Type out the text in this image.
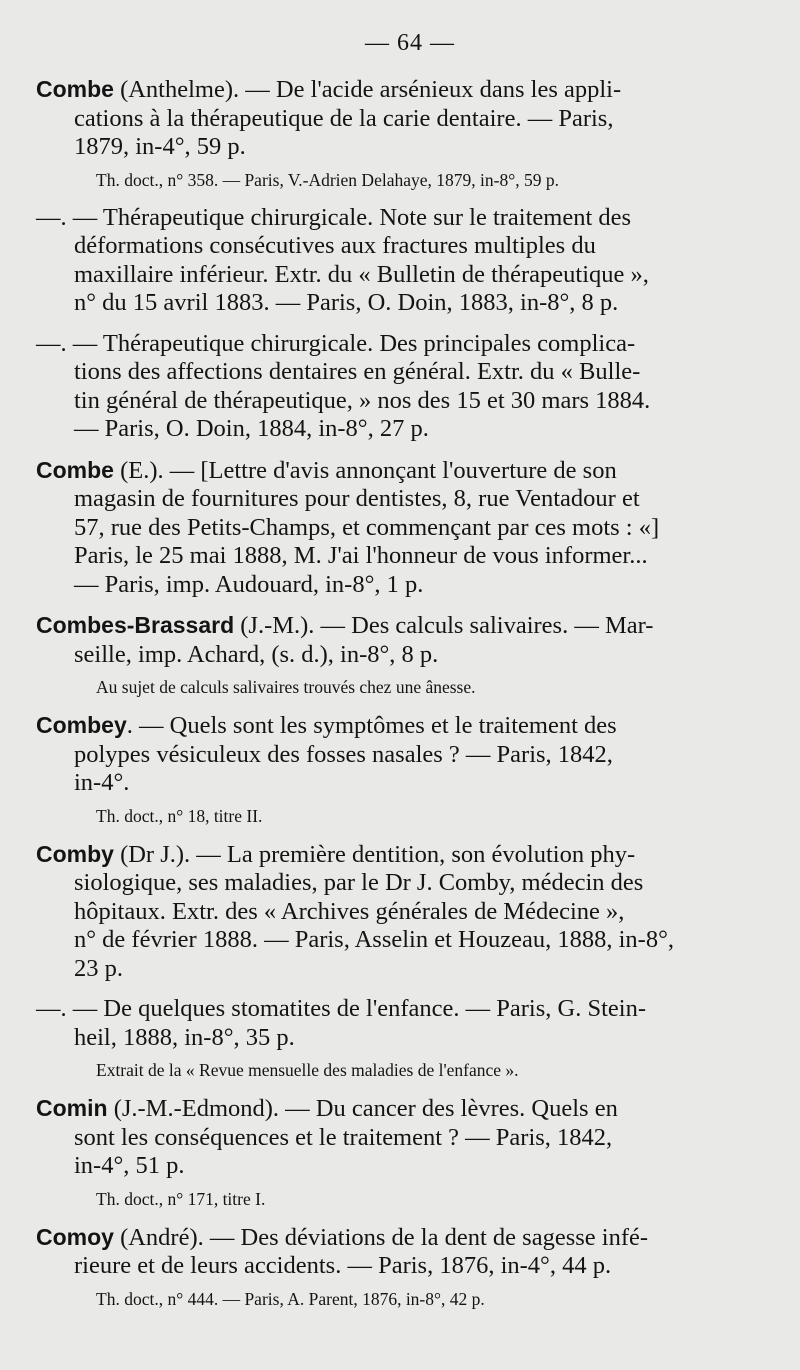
— 64 —
Combe (Anthelme). — De l'acide arsénieux dans les appli-
cations à la thérapeutique de la carie dentaire. — Paris,
1879, in-4°, 59 p.
Th. doct., n° 358. — Paris, V.-Adrien Delahaye, 1879, in-8°, 59 p.
—. — Thérapeutique chirurgicale. Note sur le traitement des
déformations consécutives aux fractures multiples du
maxillaire inférieur. Extr. du « Bulletin de thérapeutique »,
n° du 15 avril 1883. — Paris, O. Doin, 1883, in-8°, 8 p.
—. — Thérapeutique chirurgicale. Des principales complica-
tions des affections dentaires en général. Extr. du « Bulle-
tin général de thérapeutique, » nos des 15 et 30 mars 1884.
— Paris, O. Doin, 1884, in-8°, 27 p.
Combe (E.). — [Lettre d'avis annonçant l'ouverture de son
magasin de fournitures pour dentistes, 8, rue Ventadour et
57, rue des Petits-Champs, et commençant par ces mots : «]
Paris, le 25 mai 1888, M. J'ai l'honneur de vous informer...
— Paris, imp. Audouard, in-8°, 1 p.
Combes-Brassard (J.-M.). — Des calculs salivaires. — Mar-
seille, imp. Achard, (s. d.), in-8°, 8 p.
Au sujet de calculs salivaires trouvés chez une ânesse.
Combey. — Quels sont les symptômes et le traitement des
polypes vésiculeux des fosses nasales ? — Paris, 1842,
in-4°.
Th. doct., n° 18, titre II.
Comby (Dr J.). — La première dentition, son évolution phy-
siologique, ses maladies, par le Dr J. Comby, médecin des
hôpitaux. Extr. des « Archives générales de Médecine »,
n° de février 1888. — Paris, Asselin et Houzeau, 1888, in-8°,
23 p.
—. — De quelques stomatites de l'enfance. — Paris, G. Stein-
heil, 1888, in-8°, 35 p.
Extrait de la « Revue mensuelle des maladies de l'enfance ».
Comin (J.-M.-Edmond). — Du cancer des lèvres. Quels en
sont les conséquences et le traitement ? — Paris, 1842,
in-4°, 51 p.
Th. doct., n° 171, titre I.
Comoy (André). — Des déviations de la dent de sagesse infé-
rieure et de leurs accidents. — Paris, 1876, in-4°, 44 p.
Th. doct., n° 444. — Paris, A. Parent, 1876, in-8°, 42 p.
